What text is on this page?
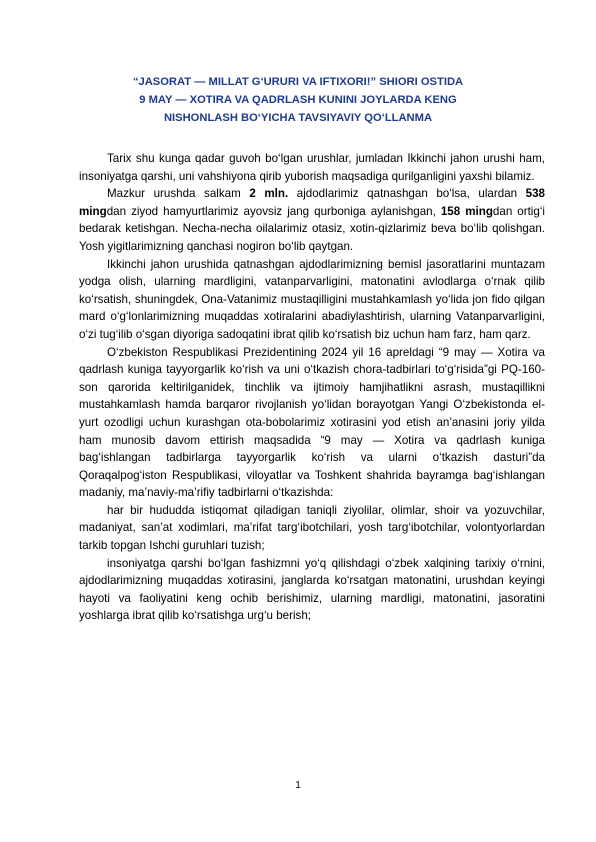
“JASORAT — MILLAT G‘URURI VA IFTIXORI!” SHIORI OSTIDA
9 MAY — XOTIRA VA QADRLASH KUNINI JOYLARDA KENG
NISHONLASH BO‘YICHA TAVSIYAVIY QO‘LLANMA

Tarix shu kunga qadar guvoh bo‘lgan urushlar, jumladan Ikkinchi jahon urushi ham, insoniyatga qarshi, uni vahshiyona qirib yuborish maqsadiga qurilganligini yaxshi bilamiz.

Mazkur urushda salkam 2 mln. ajdodlarimiz qatnashgan bo‘lsa, ulardan 538 mingdan ziyod hamyurtlarimiz ayovsiz jang qurboniga aylanishgan, 158 mingdan ortig‘i bedarak ketishgan. Necha-necha oilalarimiz otasiz, xotin-qizlarimiz beva bo‘lib qolishgan. Yosh yigitlarimizning qanchasi nogiron bo‘lib qaytgan.

Ikkinchi jahon urushida qatnashgan ajdodlarimizning bemisl jasoratlarini muntazam yodga olish, ularning mardligini, vatanparvarligini, matonatini avlodlarga o‘rnak qilib ko‘rsatish, shuningdek, Ona-Vatanimiz mustaqilligini mustahkamlash yo‘lida jon fido qilgan mard o‘g‘lonlarimizning muqaddas xotiralarini abadiylashtirish, ularning Vatanparvarligini, o‘zi tug‘ilib o‘sgan diyoriga sadoqatini ibrat qilib ko‘rsatish biz uchun ham farz, ham qarz.

O‘zbekiston Respublikasi Prezidentining 2024 yil 16 apreldagi “9 may — Xotira va qadrlash kuniga tayyorgarlik ko‘rish va uni o‘tkazish chora-tadbirlari to‘g‘risida”gi PQ-160-son qarorida keltirilganidek, tinchlik va ijtimoiy hamjihatlikni asrash, mustaqillikni mustahkamlash hamda barqaror rivojlanish yo‘lidan borayotgan Yangi O‘zbekistonda el-yurt ozodligi uchun kurashgan ota-bobolarimiz xotirasini yod etish an’anasini joriy yilda ham munosib davom ettirish maqsadida “9 may — Xotira va qadrlash kuniga bag‘ishlangan tadbirlarga tayyorgarlik ko‘rish va ularni o‘tkazish dasturi”da Qoraqalpog‘iston Respublikasi, viloyatlar va Toshkent shahrida bayramga bag‘ishlangan madaniy, ma’naviy-ma’rifiy tadbirlarni o‘tkazishda:

har bir hududda istiqomat qiladigan taniqli ziyolilar, olimlar, shoir va yozuvchilar, madaniyat, san’at xodimlari, ma’rifat targ‘ibotchilari, yosh targ‘ibotchilar, volontyorlardan tarkib topgan Ishchi guruhlari tuzish;

insoniyatga qarshi bo‘lgan fashizmni yo‘q qilishdagi o‘zbek xalqining tarixiy o‘rnini, ajdodlarimizning muqaddas xotirasini, janglarda ko‘rsatgan matonatini, urushdan keyingi hayoti va faoliyatini keng ochib berishimiz, ularning mardligi, matonatini, jasoratini yoshlarga ibrat qilib ko‘rsatishga urg‘u berish;

1
